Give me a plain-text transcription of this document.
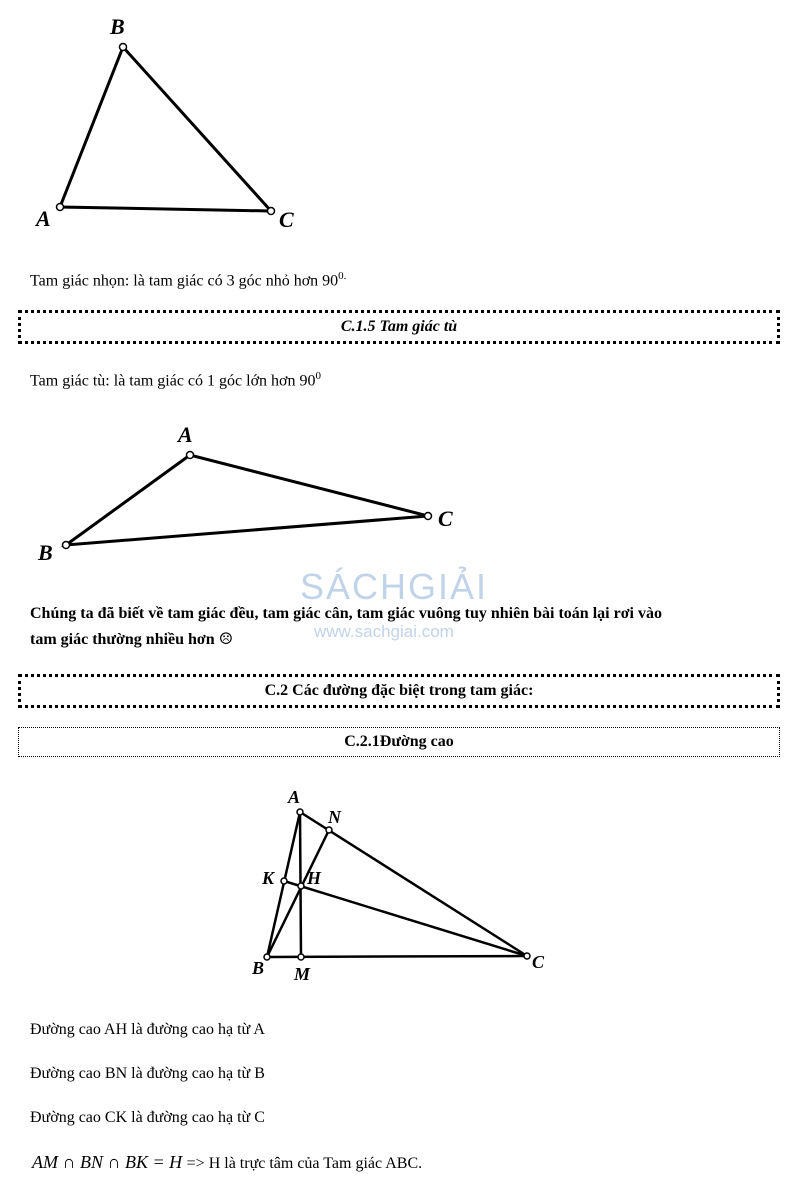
B
A	C
Tam giác nhọn: là tam giác có 3 góc nhỏ hơn $90^{0.}$
C.1.5 Tam giác tù
Tam giác tù: là tam giác có 1 góc lớn hơn $90^0$
A
B
C
SÁCHGIẢI
www.sachgiai.com
Chúng ta đã biết về tam giác đều, tam giác cân, tam giác vuông tuy nhiên bài toán lại rơi vào
tam giác thường nhiều hơn ☹
C.2 Các đường đặc biệt trong tam giác:
C.2.1Đường cao
A
N
K H
B M
C
Đường cao AH là đường cao hạ từ A
Đường cao BN là đường cao hạ từ B
Đường cao CK là đường cao hạ từ C
AM ∩ BN ∩ BK = H => H là trực tâm của Tam giác ABC.
